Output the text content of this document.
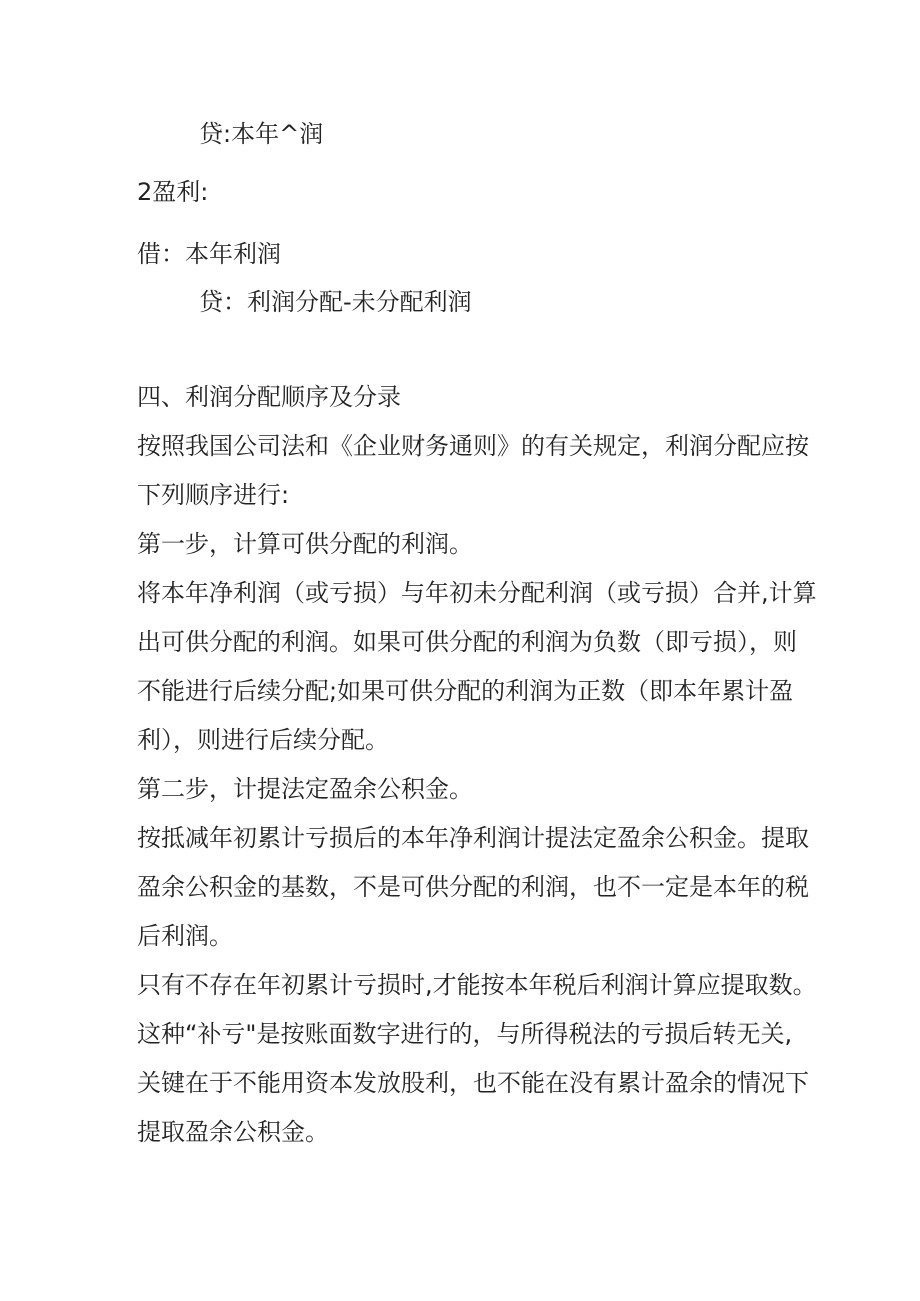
贷:本年^润
2盈利:
借：本年利润
贷：利润分配-未分配利润
四、利润分配顺序及分录
按照我国公司法和《企业财务通则》的有关规定，利润分配应按
下列顺序进行:
第一步，计算可供分配的利润。
将本年净利润（或亏损）与年初未分配利润（或亏损）合并,计算
出可供分配的利润。如果可供分配的利润为负数（即亏损），则
不能进行后续分配;如果可供分配的利润为正数（即本年累计盈
利），则进行后续分配。
第二步，计提法定盈余公积金。
按抵减年初累计亏损后的本年净利润计提法定盈余公积金。提取
盈余公积金的基数，不是可供分配的利润，也不一定是本年的税
后利润。
只有不存在年初累计亏损时,才能按本年税后利润计算应提取数。
这种“补亏"是按账面数字进行的，与所得税法的亏损后转无关,
关键在于不能用资本发放股利，也不能在没有累计盈余的情况下
提取盈余公积金。
